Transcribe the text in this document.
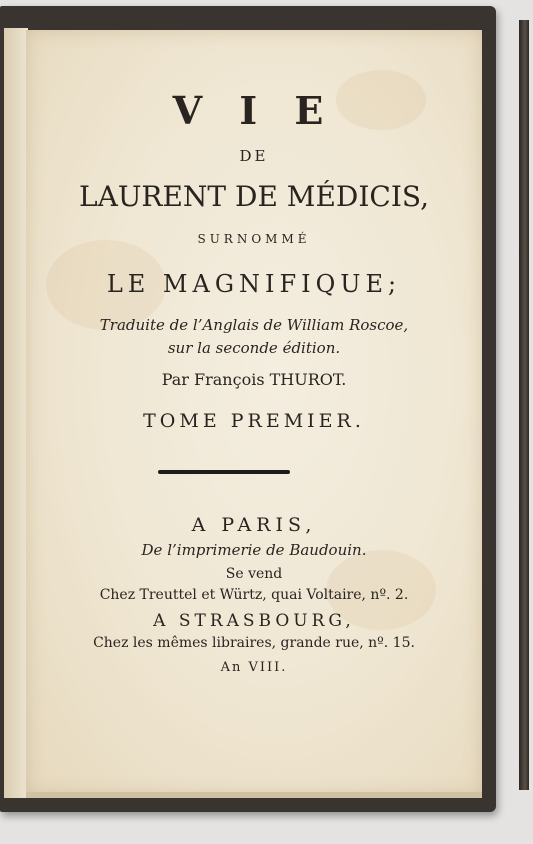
V I E
DE
LAURENT DE MÉDICIS,
SURNOMMÉ
LE MAGNIFIQUE;
Traduite de l’Anglais de William Roscoe,
sur la seconde édition.
Par François THUROT.
TOME PREMIER.
A PARIS,
De l’imprimerie de Baudouin.
Se vend
Chez Treuttel et Würtz, quai Voltaire, nº. 2.
A STRASBOURG,
Chez les mêmes libraires, grande rue, nº. 15.
An VIII.
